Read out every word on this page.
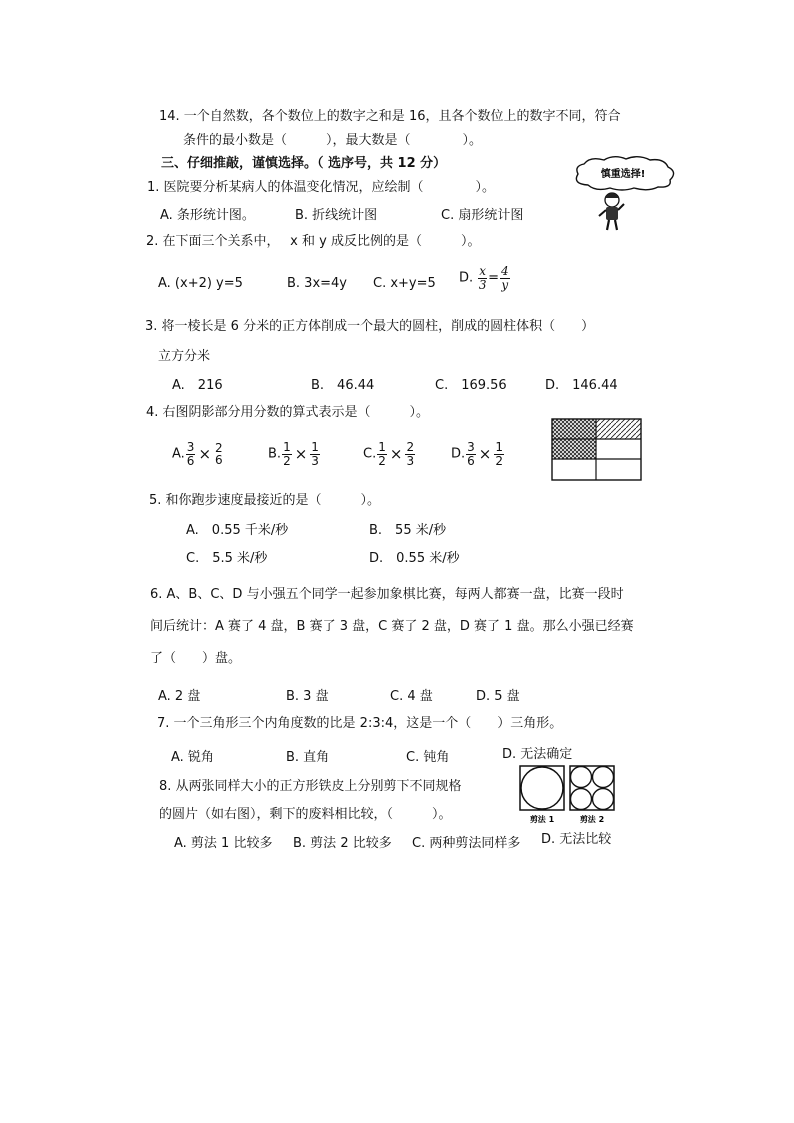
14. 一个自然数，各个数位上的数字之和是 16，且各个数位上的数字不同，符合
条件的最小数是（　　　），最大数是（　　　　）。
三、仔细推敲，谨慎选择。（ 选序号，共 12 分）
慎重选择!
1. 医院要分析某病人的体温变化情况，应绘制（　　　　）。
A. 条形统计图。	B. 折线统计图	C. 扇形统计图
2. 在下面三个关系中，　 x 和 y 成反比例的是（　　　）。
A. (x+2) y=5	B. 3x=4y C. x+y=5 D. $\frac{x}{3} = \frac{4}{y}$
3. 将一棱长是 6 分米的正方体削成一个最大的圆柱，削成的圆柱体积（　　）
立方分米
A.　216	B.　46.44	C.　169.56	D.　146.44
4. 右图阴影部分用分数的算式表示是（　　　）。
A. $\frac{3}{6} \times 2$
6	B. $\frac{1}{2} \times \frac{1}{3}$	C. $\frac{1}{2} \times \frac{2}{3}$	D. $\frac{3}{6} \times \frac{1}{2}$
5. 和你跑步速度最接近的是（　　　）。
A.　0.55 千米/秒	B.　55 米/秒
C.　5.5 米/秒	D.　0.55 米/秒
6. A、B、C、D 与小强五个同学一起参加象棋比赛，每两人都赛一盘，比赛一段时
间后统计：A 赛了 4 盘，B 赛了 3 盘，C 赛了 2 盘，D 赛了 1 盘。那么小强已经赛
了（　　）盘。
A. 2 盘	B. 3 盘	C. 4 盘	D. 5 盘
7. 一个三角形三个内角度数的比是 2:3:4，这是一个（　　）三角形。
A. 锐角	B. 直角	C. 钝角	D. 无法确定
8. 从两张同样大小的正方形铁皮上分别剪下不同规格
的圆片（如右图），剩下的废料相比较，（　　　）。
A. 剪法 1 比较多 B. 剪法 2 比较多 C. 两种剪法同样多 D. 无法比较
剪法 1	剪法 2
